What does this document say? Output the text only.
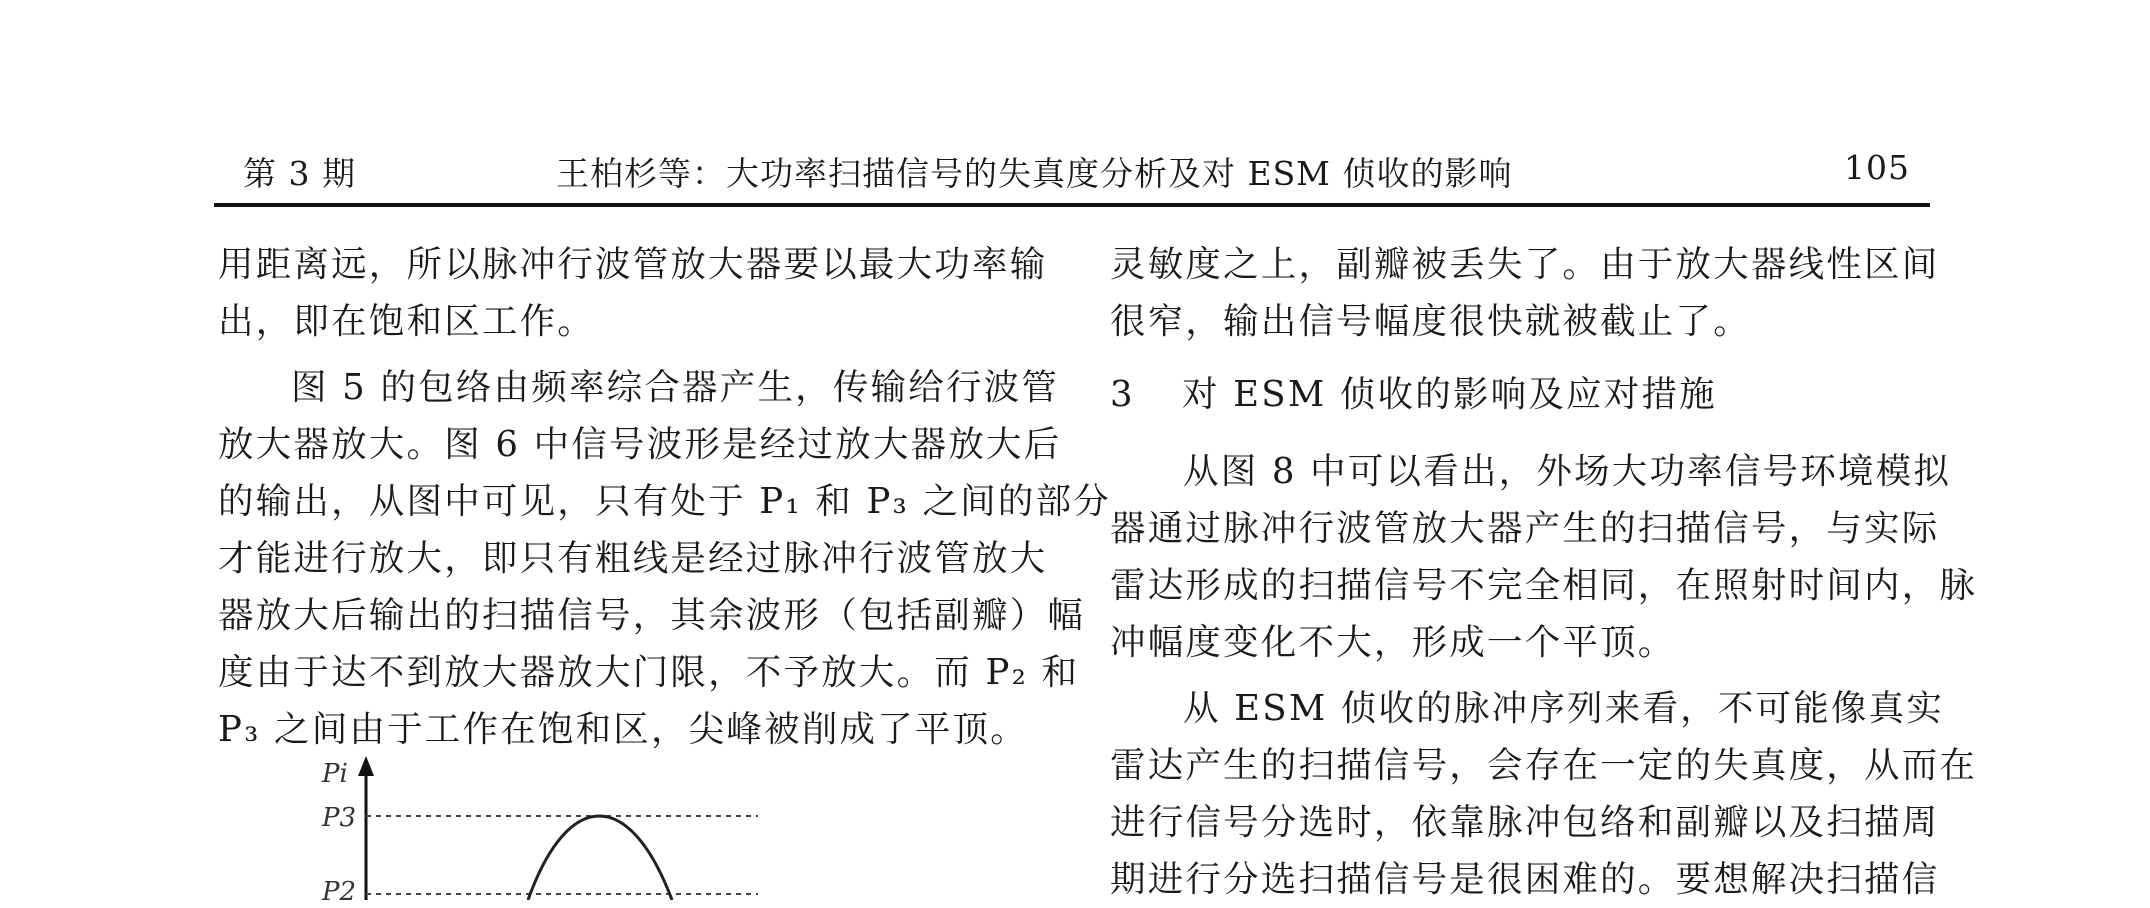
第 3 期	王柏杉等：大功率扫描信号的失真度分析及对 ESM 侦收的影响	105

用距离远，所以脉冲行波管放大器要以最大功率输

出，即在饱和区工作。

图 5 的包络由频率综合器产生，传输给行波管

放大器放大。图 6 中信号波形是经过放大器放大后

的输出，从图中可见，只有处于 P₁ 和 P₃ 之间的部分

才能进行放大，即只有粗线是经过脉冲行波管放大

器放大后输出的扫描信号，其余波形（包括副瓣）幅

度由于达不到放大器放大门限，不予放大。而 P₂ 和

P₃ 之间由于工作在饱和区，尖峰被削成了平顶。

Pi
P3
P2

灵敏度之上，副瓣被丢失了。由于放大器线性区间

很窄，输出信号幅度很快就被截止了。

3 对 ESM 侦收的影响及应对措施

从图 8 中可以看出，外场大功率信号环境模拟

器通过脉冲行波管放大器产生的扫描信号，与实际

雷达形成的扫描信号不完全相同，在照射时间内，脉

冲幅度变化不大，形成一个平顶。

从 ESM 侦收的脉冲序列来看，不可能像真实

雷达产生的扫描信号，会存在一定的失真度，从而在

进行信号分选时，依靠脉冲包络和副瓣以及扫描周

期进行分选扫描信号是很困难的。要想解决扫描信
